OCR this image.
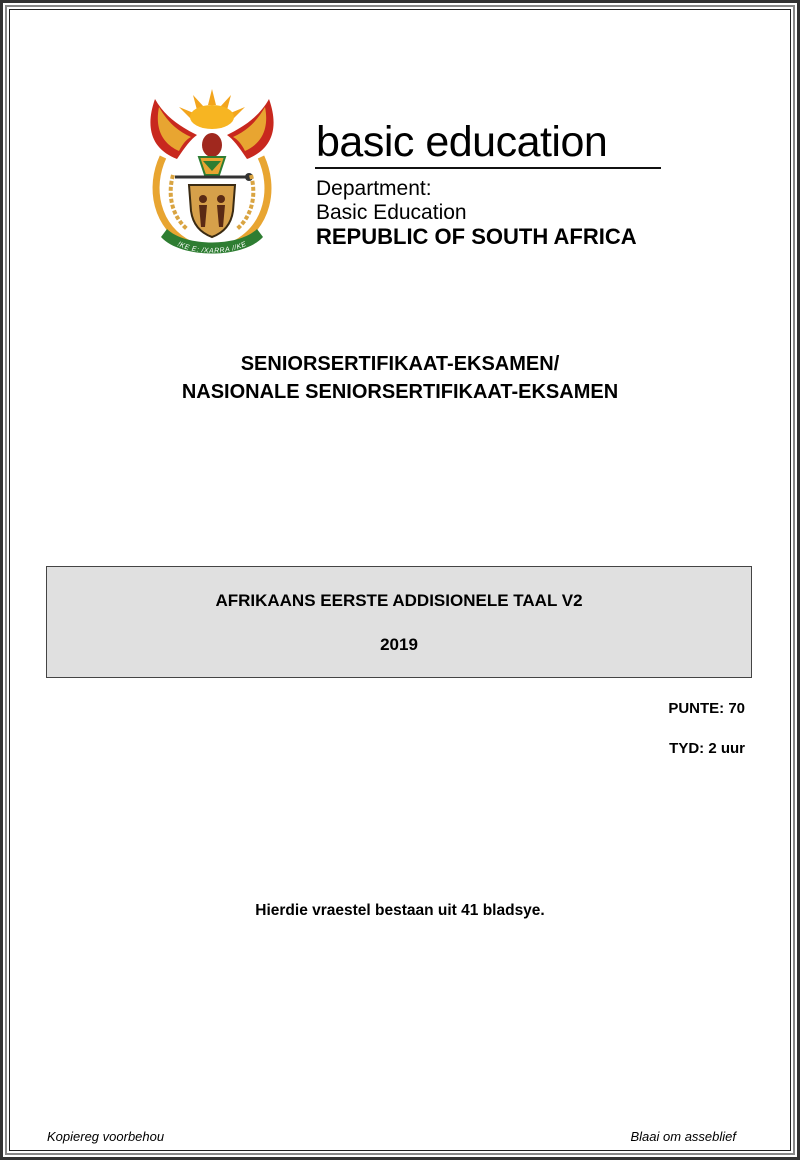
!KE E: /XARRA //KE
basic education
Department:
Basic Education
REPUBLIC OF SOUTH AFRICA
SENIORSERTIFIKAAT-EKSAMEN/
NASIONALE SENIORSERTIFIKAAT-EKSAMEN
AFRIKAANS EERSTE ADDISIONELE TAAL V2
2019
PUNTE: 70
TYD: 2 uur
Hierdie vraestel bestaan uit 41 bladsye.
Kopiereg voorbehou	Blaai om asseblief
